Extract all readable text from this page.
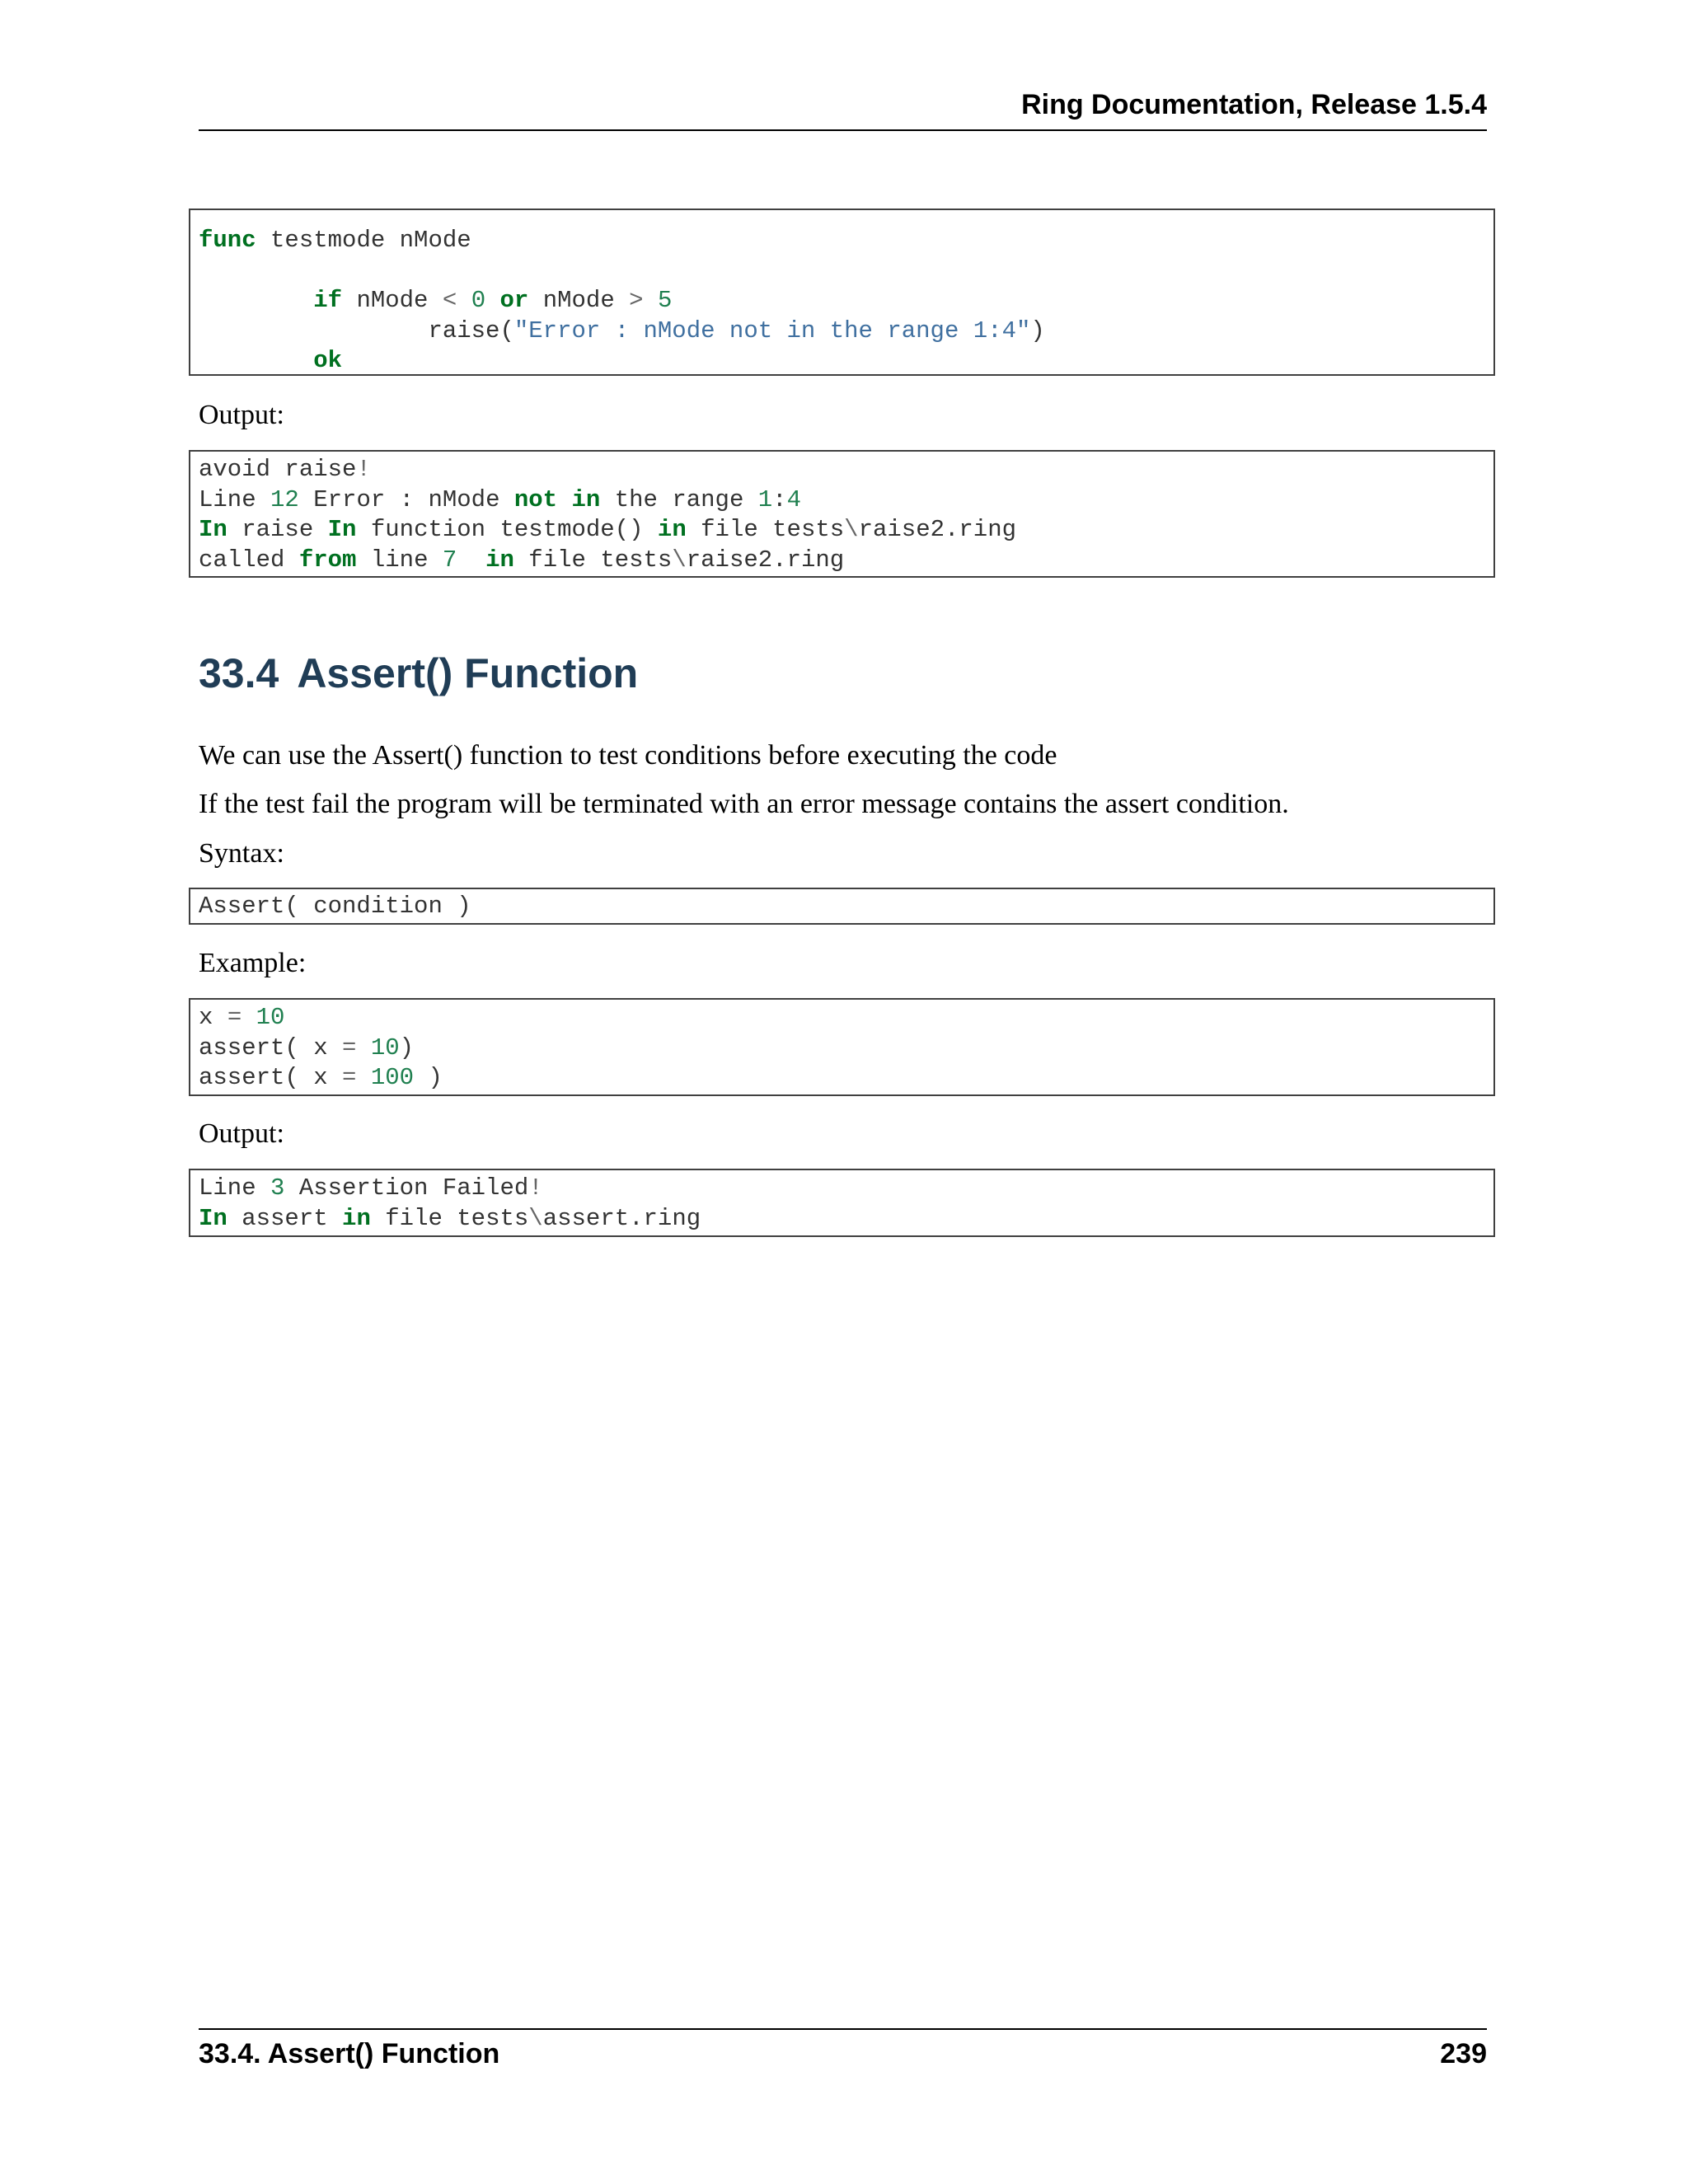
Ring Documentation, Release 1.5.4
func testmode nMode
if nMode < 0 or nMode > 5
raise("Error : nMode not in the range 1:4")
ok
Output:
avoid raise!
Line 12 Error : nMode not in the range 1:4
In raise In function testmode() in file tests\raise2.ring
called from line 7 in file tests\raise2.ring
33.4 Assert() Function
We can use the Assert() function to test conditions before executing the code
If the test fail the program will be terminated with an error message contains the assert condition.
Syntax:
Assert( condition )
Example:
x = 10
assert( x = 10)
assert( x = 100 )
Output:
Line 3 Assertion Failed!
In assert in file tests\assert.ring
33.4. Assert() Function	239
